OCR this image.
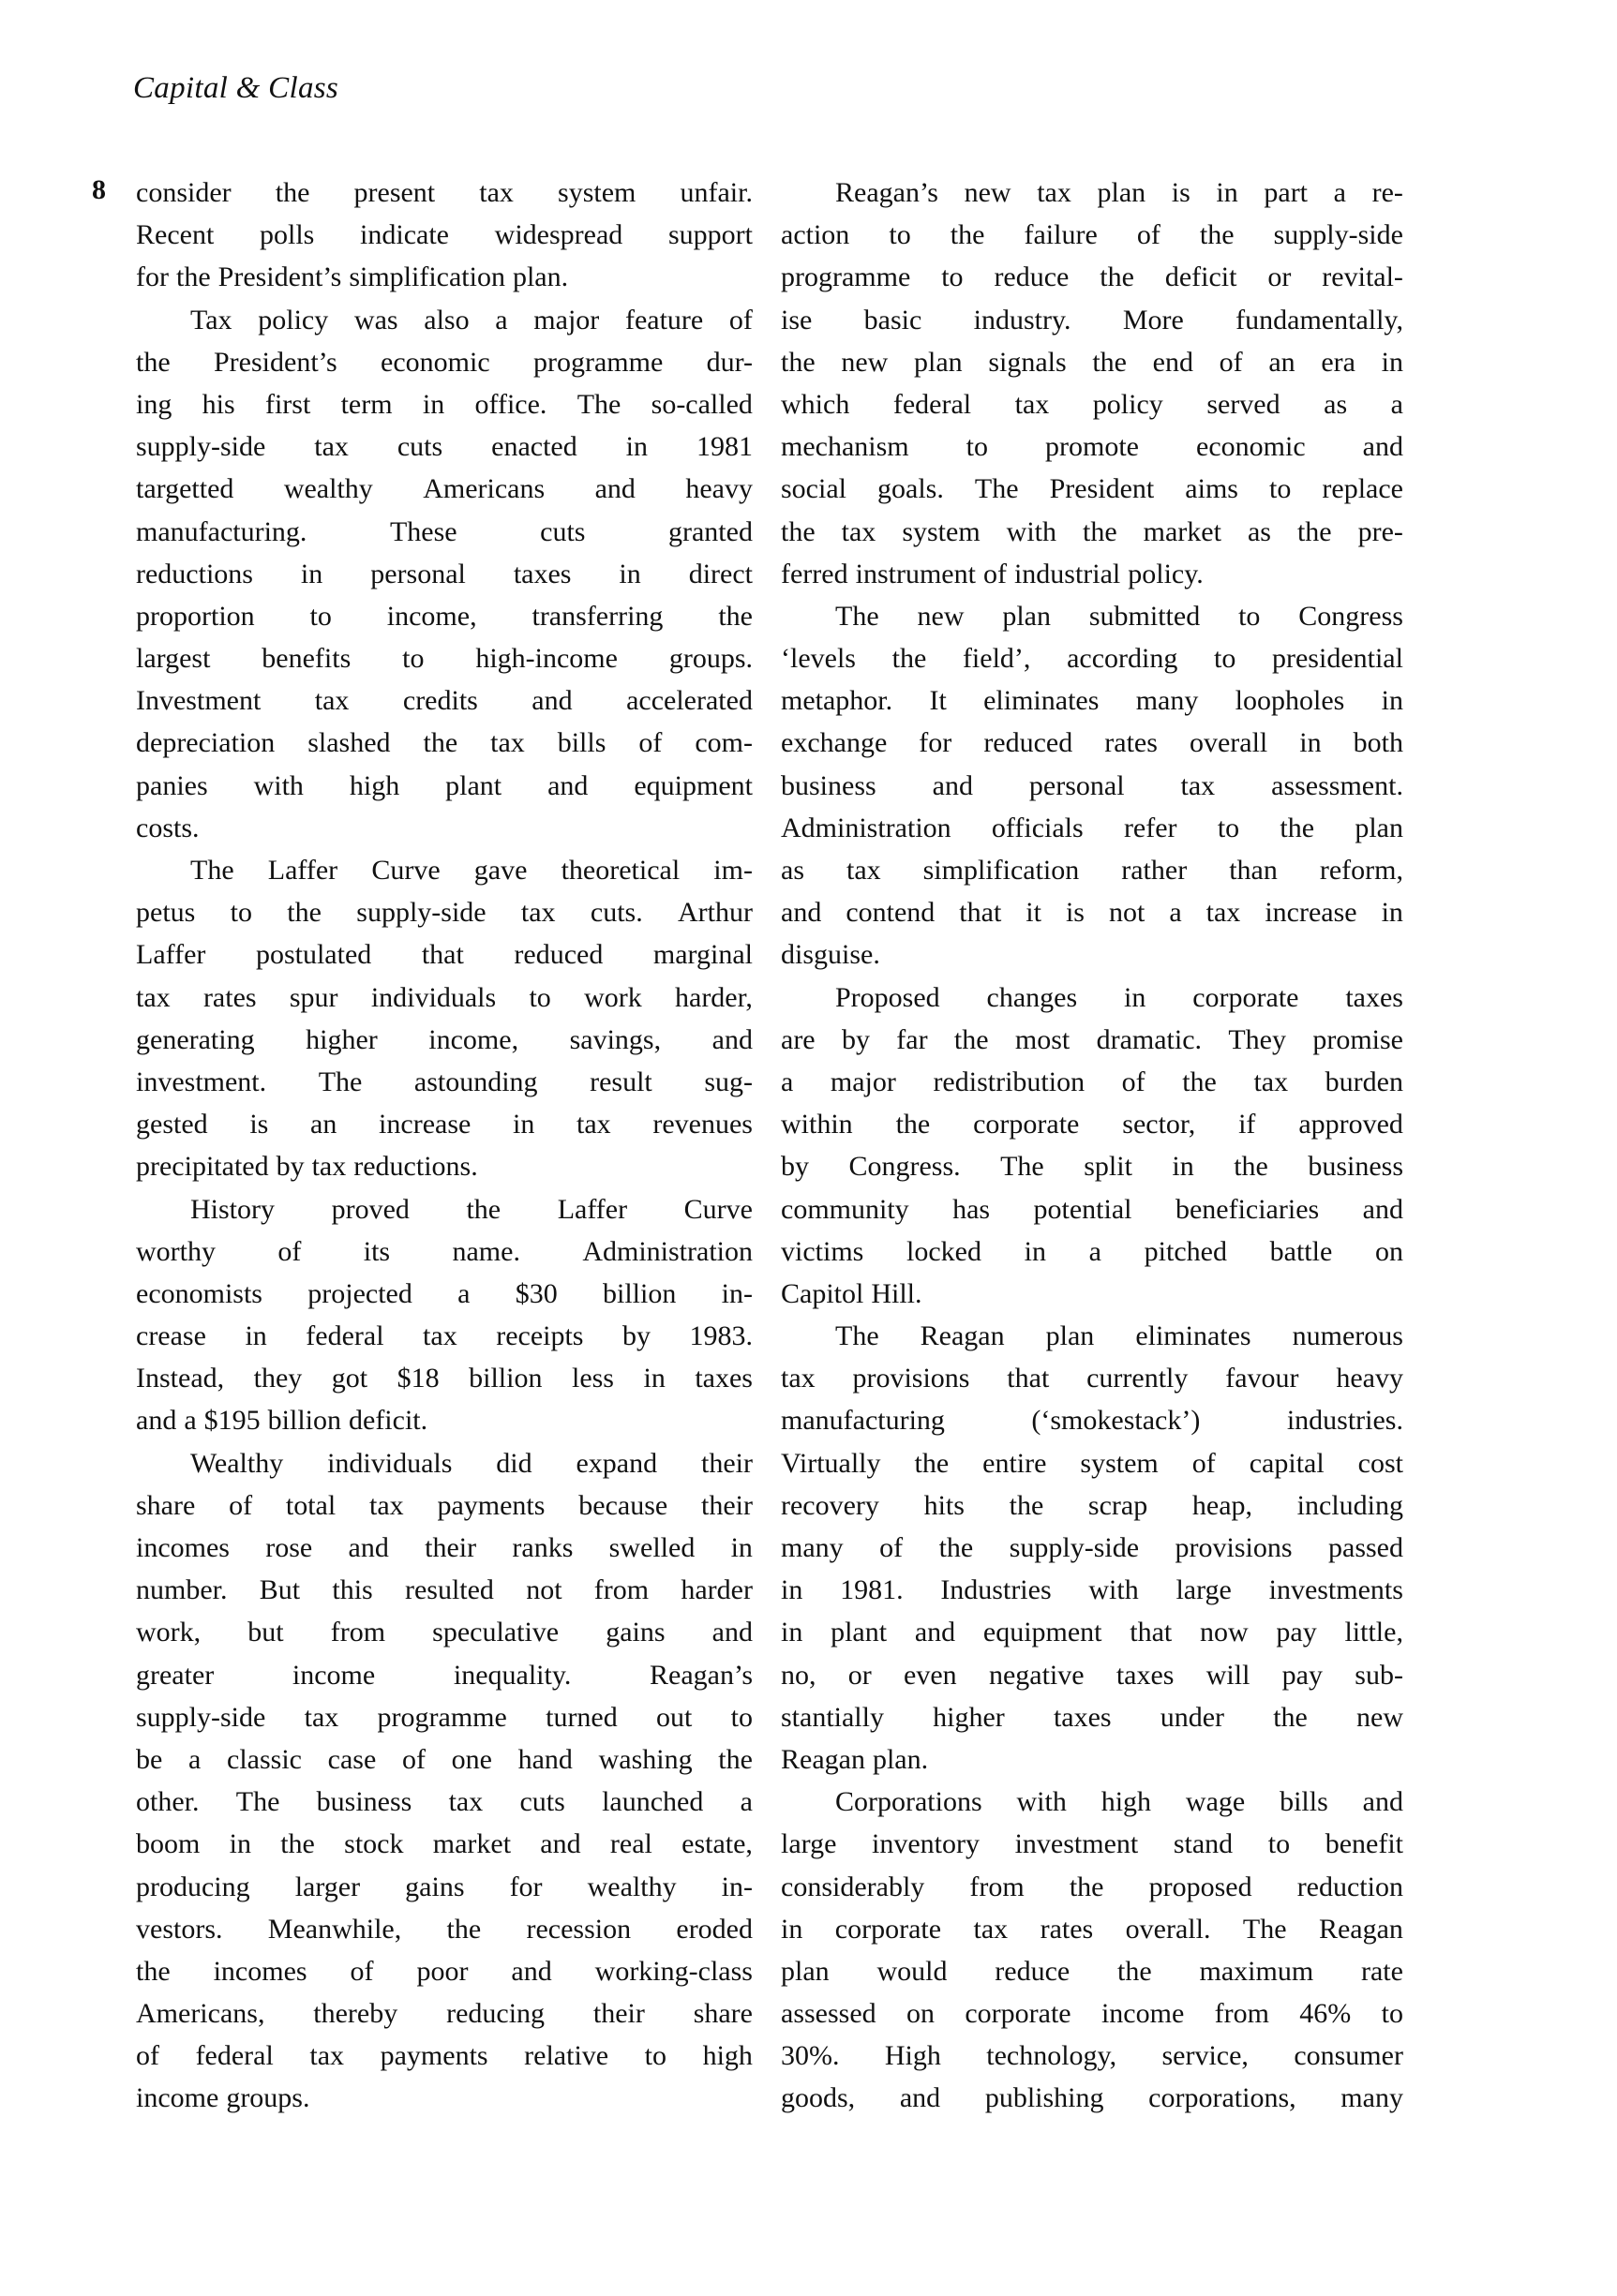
Capital & Class
8 consider the present tax system unfair.
Recent polls indicate widespread support
for the President’s simplification plan.
Tax policy was also a major feature of
the President’s economic programme dur-
ing his first term in office. The so-called
supply-side tax cuts enacted in 1981
targetted wealthy Americans and heavy
manufacturing.	These	cuts	granted
reductions in personal taxes in direct
proportion to income, transferring the
largest benefits to high-income groups.
Investment tax credits and accelerated
depreciation slashed the tax bills of com-
panies with high plant and equipment
costs.
The Laffer Curve gave theoretical im-
petus to the supply-side tax cuts. Arthur
Laffer postulated that reduced marginal
tax rates spur individuals to work harder,
generating higher income, savings, and
investment. The astounding result sug-
gested is an increase in tax revenues
precipitated by tax reductions.
History proved the Laffer Curve
worthy of its name. Administration
economists projected a $30 billion in-
crease in federal tax receipts by 1983.
Instead, they got $18 billion less in taxes
and a $195 billion deficit.
Wealthy individuals did expand their
share of total tax payments because their
incomes rose and their ranks swelled in
number. But this resulted not from harder
work, but from speculative gains and
greater	income	inequality.	Reagan’s
supply-side tax programme turned out to
be a classic case of one hand washing the
other. The business tax cuts launched a
boom in the stock market and real estate,
producing larger gains for wealthy in-
vestors. Meanwhile, the recession eroded
the incomes of poor and working-class
Americans, thereby reducing their share
of federal tax payments relative to high
income groups.
Reagan’s new tax plan is in part a re-
action to the failure of the supply-side
programme to reduce the deficit or revital-
ise basic industry. More fundamentally,
the new plan signals the end of an era in
which federal tax policy served as a
mechanism to promote economic and
social goals. The President aims to replace
the tax system with the market as the pre-
ferred instrument of industrial policy.
The new plan submitted to Congress
‘levels the field’, according to presidential
metaphor. It eliminates many loopholes in
exchange for reduced rates overall in both
business and personal tax assessment.
Administration officials refer to the plan
as tax simplification rather than reform,
and contend that it is not a tax increase in
disguise.
Proposed changes in corporate taxes
are by far the most dramatic. They promise
a major redistribution of the tax burden
within the corporate sector, if approved
by Congress. The split in the business
community has potential beneficiaries and
victims locked in a pitched battle on
Capitol Hill.
The Reagan plan eliminates numerous
tax provisions that currently favour heavy
manufacturing	(‘smokestack’)	industries.
Virtually the entire system of capital cost
recovery hits the scrap heap, including
many of the supply-side provisions passed
in 1981. Industries with large investments
in plant and equipment that now pay little,
no, or even negative taxes will pay sub-
stantially higher taxes under the new
Reagan plan.
Corporations with high wage bills and
large inventory investment stand to benefit
considerably from the proposed reduction
in corporate tax rates overall. The Reagan
plan would reduce the maximum rate
assessed on corporate income from 46% to
30%. High technology, service, consumer
goods, and publishing corporations, many
